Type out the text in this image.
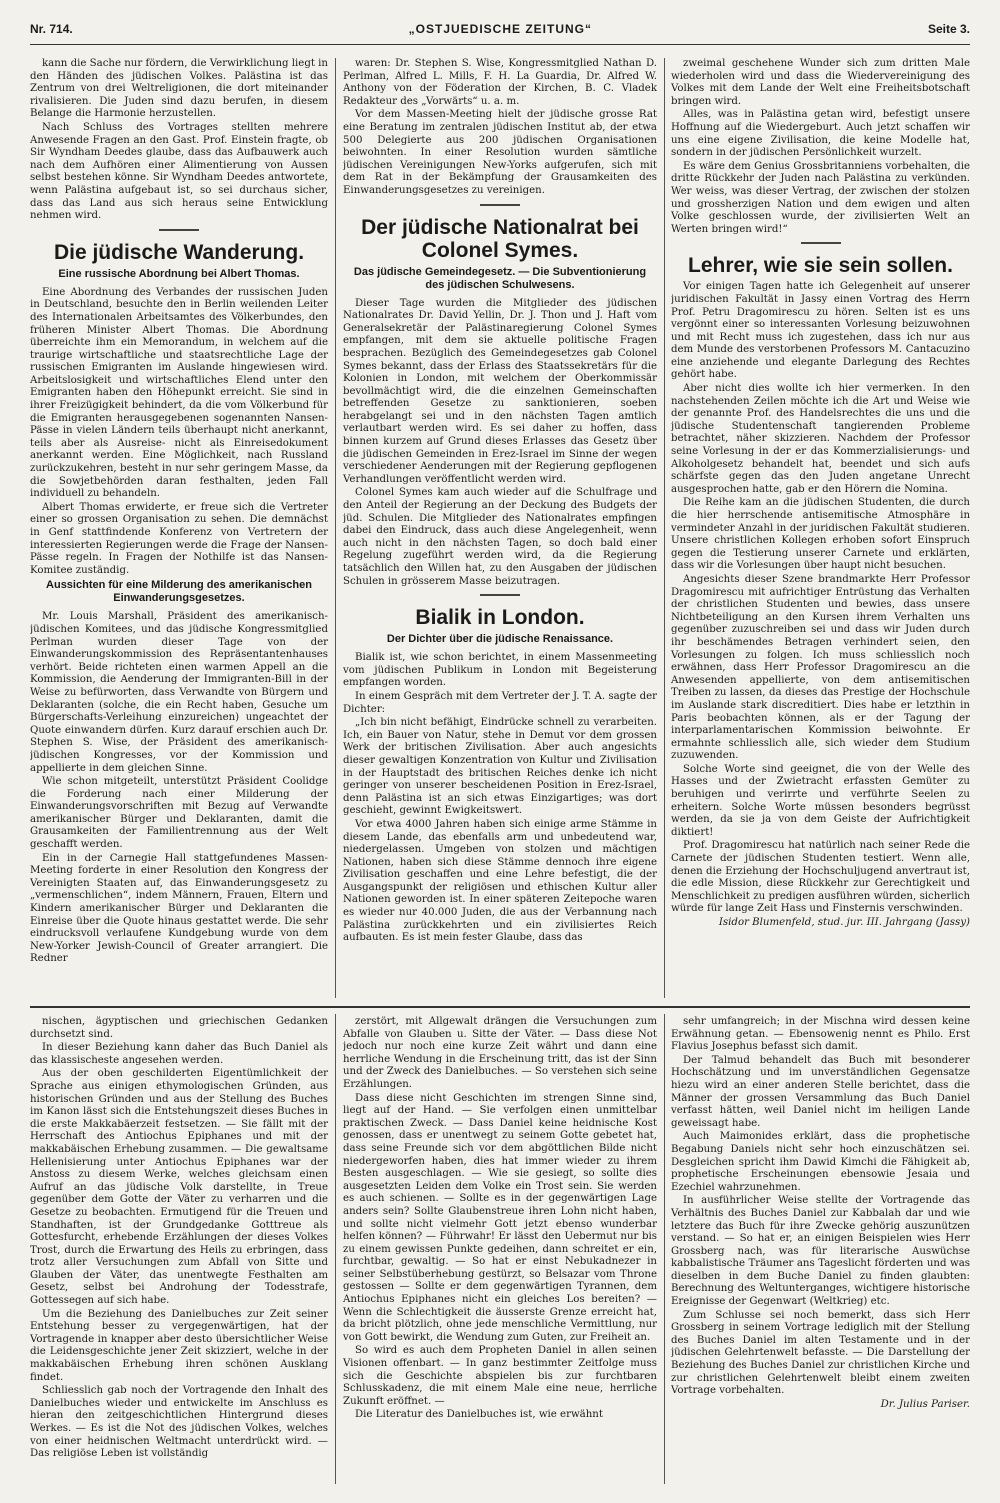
Nr. 714.	„OSTJUEDISCHE ZEITUNG“	Seite 3.

kann die Sache nur fördern, die Verwirklichung liegt in den Händen des jüdischen Volkes. Palästina ist das Zentrum von drei Weltreligionen, die dort miteinander rivalisieren. Die Juden sind dazu berufen, in diesem Belange die Harmonie herzustellen.

Nach Schluss des Vortrages stellten mehrere Anwesende Fragen an den Gast. Prof. Einstein fragte, ob Sir Wyndham Deedes glaube, dass das Aufbauwerk auch nach dem Aufhören einer Alimentierung von Aussen selbst bestehen könne. Sir Wyndham Deedes antwortete, wenn Palästina aufgebaut ist, so sei durchaus sicher, dass das Land aus sich heraus seine Entwicklung nehmen wird.

Die jüdische Wanderung.
Eine russische Abordnung bei Albert Thomas.

Eine Abordnung des Verbandes der russischen Juden in Deutschland, besuchte den in Berlin weilenden Leiter des Internationalen Arbeitsamtes des Völkerbundes, den früheren Minister Albert Thomas. Die Abordnung überreichte ihm ein Memorandum, in welchem auf die traurige wirtschaftliche und staatsrechtliche Lage der russischen Emigranten im Auslande hingewiesen wird. Arbeitslosigkeit und wirtschaftliches Elend unter den Emigranten haben den Höhepunkt erreicht. Sie sind in ihrer Freizügigkeit behindert, da die vom Völkerbund für die Emigranten herausgegebenen sogenannten Nansen-Pässe in vielen Ländern teils überhaupt nicht anerkannt, teils aber als Ausreise- nicht als Einreisedokument anerkannt werden. Eine Möglichkeit, nach Russland zurückzukehren, besteht in nur sehr geringem Masse, da die Sowjetbehörden daran festhalten, jeden Fall individuell zu behandeln.

Albert Thomas erwiderte, er freue sich die Vertreter einer so grossen Organisation zu sehen. Die demnächst in Genf stattfindende Konferenz von Vertretern der interessierten Regierungen werde die Frage der Nansen-Pässe regeln. In Fragen der Nothilfe ist das Nansen-Komitee zuständig.

Aussichten für eine Milderung des amerikanischen Einwanderungsgesetzes.

Mr. Louis Marshall, Präsident des amerikanisch-jüdischen Komitees, und das jüdische Kongressmitglied Perlman wurden dieser Tage von der Einwanderungskommission des Repräsentantenhauses verhört. Beide richteten einen warmen Appell an die Kommission, die Aenderung der Immigranten-Bill in der Weise zu befürworten, dass Verwandte von Bürgern und Deklaranten (solche, die ein Recht haben, Gesuche um Bürgerschafts-Verleihung einzureichen) ungeachtet der Quote einwandern dürfen. Kurz darauf erschien auch Dr. Stephen S. Wise, der Präsident des amerikanisch-jüdischen Kongresses, vor der Kommission und appellierte in dem gleichen Sinne.

Wie schon mitgeteilt, unterstützt Präsident Coolidge die Forderung nach einer Milderung der Einwanderungsvorschriften mit Bezug auf Verwandte amerikanischer Bürger und Deklaranten, damit die Grausamkeiten der Familientrennung aus der Welt geschafft werden.

Ein in der Carnegie Hall stattgefundenes Massen-Meeting forderte in einer Resolution den Kongress der Vereinigten Staaten auf, das Einwanderungsgesetz zu „vermenschlichen“, indem Männern, Frauen, Eltern und Kindern amerikanischer Bürger und Deklaranten die Einreise über die Quote hinaus gestattet werde. Die sehr eindrucksvoll verlaufene Kundgebung wurde von dem New-Yorker Jewish-Council of Greater arrangiert. Die Redner

waren: Dr. Stephen S. Wise, Kongressmitglied Nathan D. Perlman, Alfred L. Mills, F. H. La Guardia, Dr. Alfred W. Anthony von der Föderation der Kirchen, B. C. Vladek Redakteur des „Vorwärts“ u. a. m.

Vor dem Massen-Meeting hielt der jüdische grosse Rat eine Beratung im zentralen jüdischen Institut ab, der etwa 500 Delegierte aus 200 jüdischen Organisationen beiwohnten. In einer Resolution wurden sämtliche jüdischen Vereinigungen New-Yorks aufgerufen, sich mit dem Rat in der Bekämpfung der Grausamkeiten des Einwanderungsgesetzes zu vereinigen.

Der jüdische Nationalrat bei Colonel Symes.
Das jüdische Gemeindegesetz. — Die Subventionierung des jüdischen Schulwesens.

Dieser Tage wurden die Mitglieder des jüdischen Nationalrates Dr. David Yellin, Dr. J. Thon und J. Haft vom Generalsekretär der Palästinaregierung Colonel Symes empfangen, mit dem sie aktuelle politische Fragen besprachen. Bezüglich des Gemeindegesetzes gab Colonel Symes bekannt, dass der Erlass des Staatssekretärs für die Kolonien in London, mit welchem der Oberkommissär bevollmächtigt wird, die die einzelnen Gemeinschaften betreffenden Gesetze zu sanktionieren, soeben herabgelangt sei und in den nächsten Tagen amtlich verlautbart werden wird. Es sei daher zu hoffen, dass binnen kurzem auf Grund dieses Erlasses das Gesetz über die jüdischen Gemeinden in Erez-Israel im Sinne der wegen verschiedener Aenderungen mit der Regierung gepflogenen Verhandlungen veröffentlicht werden wird.

Colonel Symes kam auch wieder auf die Schulfrage und den Anteil der Regierung an der Deckung des Budgets der jüd. Schulen. Die Mitglieder des Nationalrates empfingen dabei den Eindruck, dass auch diese Angelegenheit, wenn auch nicht in den nächsten Tagen, so doch bald einer Regelung zugeführt werden wird, da die Regierung tatsächlich den Willen hat, zu den Ausgaben der jüdischen Schulen in grösserem Masse beizutragen.

Bialik in London.
Der Dichter über die jüdische Renaissance.

Bialik ist, wie schon berichtet, in einem Massenmeeting vom jüdischen Publikum in London mit Begeisterung empfangen worden.

In einem Gespräch mit dem Vertreter der J. T. A. sagte der Dichter:

„Ich bin nicht befähigt, Eindrücke schnell zu verarbeiten. Ich, ein Bauer von Natur, stehe in Demut vor dem grossen Werk der britischen Zivilisation. Aber auch angesichts dieser gewaltigen Konzentration von Kultur und Zivilisation in der Hauptstadt des britischen Reiches denke ich nicht geringer von unserer bescheidenen Position in Erez-Israel, denn Palästina ist an sich etwas Einzigartiges; was dort geschieht, gewinnt Ewigkeitswert.

Vor etwa 4000 Jahren haben sich einige arme Stämme in diesem Lande, das ebenfalls arm und unbedeutend war, niedergelassen. Umgeben von stolzen und mächtigen Nationen, haben sich diese Stämme dennoch ihre eigene Zivilisation geschaffen und eine Lehre befestigt, die der Ausgangspunkt der religiösen und ethischen Kultur aller Nationen geworden ist. In einer späteren Zeitepoche waren es wieder nur 40.000 Juden, die aus der Verbannung nach Palästina zurückkehrten und ein zivilisiertes Reich aufbauten. Es ist mein fester Glaube, dass das

zweimal geschehene Wunder sich zum dritten Male wiederholen wird und dass die Wiedervereinigung des Volkes mit dem Lande der Welt eine Freiheitsbotschaft bringen wird.

Alles, was in Palästina getan wird, befestigt unsere Hoffnung auf die Wiedergeburt. Auch jetzt schaffen wir uns eine eigene Zivilisation, die keine Modelle hat, sondern in der jüdischen Persönlichkeit wurzelt.

Es wäre dem Genius Grossbritanniens vorbehalten, die dritte Rückkehr der Juden nach Palästina zu verkünden. Wer weiss, was dieser Vertrag, der zwischen der stolzen und grossherzigen Nation und dem ewigen und alten Volke geschlossen wurde, der zivilisierten Welt an Werten bringen wird!“

Lehrer, wie sie sein sollen.

Vor einigen Tagen hatte ich Gelegenheit auf unserer juridischen Fakultät in Jassy einen Vortrag des Herrn Prof. Petru Dragomirescu zu hören. Selten ist es uns vergönnt einer so interessanten Vorlesung beizuwohnen und mit Recht muss ich zugestehen, dass ich nur aus dem Munde des verstorbenen Professors M. Cantacuzino eine anziehende und elegante Darlegung des Rechtes gehört habe.

Aber nicht dies wollte ich hier vermerken. In den nachstehenden Zeilen möchte ich die Art und Weise wie der genannte Prof. des Handelsrechtes die uns und die jüdische Studentenschaft tangierenden Probleme betrachtet, näher skizzieren. Nachdem der Professor seine Vorlesung in der er das Kommerzialisierungs- und Alkoholgesetz behandelt hat, beendet und sich aufs schärfste gegen das den Juden angetane Unrecht ausgesprochen hatte, gab er den Hörern die Nomina.

Die Reihe kam an die jüdischen Studenten, die durch die hier herrschende antisemitische Atmosphäre in vermindeter Anzahl in der juridischen Fakultät studieren. Unsere christlichen Kollegen erhoben sofort Einspruch gegen die Testierung unserer Carnete und erklärten, dass wir die Vorlesungen über haupt nicht besuchen.

Angesichts dieser Szene brandmarkte Herr Professor Dragomirescu mit aufrichtiger Entrüstung das Verhalten der christlichen Studenten und bewies, dass unsere Nichtbeteiligung an den Kursen ihrem Verhalten uns gegenüber zuzuschreiben sei und dass wir Juden durch ihr beschämendes Betragen verhindert seien, den Vorlesungen zu folgen. Ich muss schliesslich noch erwähnen, dass Herr Professor Dragomirescu an die Anwesenden appellierte, von dem antisemitischen Treiben zu lassen, da dieses das Prestige der Hochschule im Auslande stark discreditiert. Dies habe er letzthin in Paris beobachten können, als er der Tagung der interparlamentarischen Kommission beiwohnte. Er ermahnte schliesslich alle, sich wieder dem Studium zuzuwenden.

Solche Worte sind geeignet, die von der Welle des Hasses und der Zwietracht erfassten Gemüter zu beruhigen und verirrte und verführte Seelen zu erheitern. Solche Worte müssen besonders begrüsst werden, da sie ja von dem Geiste der Aufrichtigkeit diktiert!

Prof. Dragomirescu hat natürlich nach seiner Rede die Carnete der jüdischen Studenten testiert. Wenn alle, denen die Erziehung der Hochschuljugend anvertraut ist, die edle Mission, diese Rückkehr zur Gerechtigkeit und Menschlichkeit zu predigen ausführen würden, sicherlich würde für lange Zeit Hass und Finsternis verschwinden.

Isidor Blumenfeld, stud. jur. III. Jahrgang (Jassy)

nischen, ägyptischen und griechischen Gedanken durchsetzt sind.

In dieser Beziehung kann daher das Buch Daniel als das klassischeste angesehen werden.

Aus der oben geschilderten Eigentümlichkeit der Sprache aus einigen ethymologischen Gründen, aus historischen Gründen und aus der Stellung des Buches im Kanon lässt sich die Entstehungszeit dieses Buches in die erste Makkabäerzeit festsetzen. — Sie fällt mit der Herrschaft des Antiochus Epiphanes und mit der makkabäischen Erhebung zusammen. — Die gewaltsame Hellenisierung unter Antiochus Epiphanes war der Anstoss zu diesem Werke, welches gleichsam einen Aufruf an das jüdische Volk darstellte, in Treue gegenüber dem Gotte der Väter zu verharren und die Gesetze zu beobachten. Ermutigend für die Treuen und Standhaften, ist der Grundgedanke Gotttreue als Gottesfurcht, erhebende Erzählungen der dieses Volkes Trost, durch die Erwartung des Heils zu erbringen, dass trotz aller Versuchungen zum Abfall von Sitte und Glauben der Väter, das unentwegte Festhalten am Gesetz, selbst bei Androhung der Todesstrafe, Gottessegen auf sich habe.

Um die Beziehung des Danielbuches zur Zeit seiner Entstehung besser zu vergegenwärtigen, hat der Vortragende in knapper aber desto übersichtlicher Weise die Leidensgeschichte jener Zeit skizziert, welche in der makkabäischen Erhebung ihren schönen Ausklang findet.

Schliesslich gab noch der Vortragende den Inhalt des Danielbuches wieder und entwickelte im Anschluss es hieran den zeitgeschichtlichen Hintergrund dieses Werkes. — Es ist die Not des jüdischen Volkes, welches von einer heidnischen Weltmacht unterdrückt wird. — Das religiöse Leben ist vollständig

zerstört, mit Allgewalt drängen die Versuchungen zum Abfalle von Glauben u. Sitte der Väter. — Dass diese Not jedoch nur noch eine kurze Zeit währt und dann eine herrliche Wendung in die Erscheinung tritt, das ist der Sinn und der Zweck des Danielbuches. — So verstehen sich seine Erzählungen.

Dass diese nicht Geschichten im strengen Sinne sind, liegt auf der Hand. — Sie verfolgen einen unmittelbar praktischen Zweck. — Dass Daniel keine heidnische Kost genossen, dass er unentwegt zu seinem Gotte gebetet hat, dass seine Freunde sich vor dem abgöttlichen Bilde nicht niedergeworfen haben, dies hat immer wieder zu ihrem Besten ausgeschlagen. — Wie sie gesiegt, so sollte dies ausgesetzten Leiden dem Volke ein Trost sein. Sie werden es auch schienen. — Sollte es in der gegenwärtigen Lage anders sein? Sollte Glaubenstreue ihren Lohn nicht haben, und sollte nicht vielmehr Gott jetzt ebenso wunderbar helfen können? — Führwahr! Er lässt den Uebermut nur bis zu einem gewissen Punkte gedeihen, dann schreitet er ein, furchtbar, gewaltig. — So hat er einst Nebukadnezer in seiner Selbstüberhebung gestürzt, so Belsazar vom Throne gestossen — Sollte er dem gegenwärtigen Tyrannen, dem Antiochus Epiphanes nicht ein gleiches Los bereiten? — Wenn die Schlechtigkeit die äusserste Grenze erreicht hat, da bricht plötzlich, ohne jede menschliche Vermittlung, nur von Gott bewirkt, die Wendung zum Guten, zur Freiheit an.

So wird es auch dem Propheten Daniel in allen seinen Visionen offenbart. — In ganz bestimmter Zeitfolge muss sich die Geschichte abspielen bis zur furchtbaren Schlusskadenz, die mit einem Male eine neue, herrliche Zukunft eröffnet. —

Die Literatur des Danielbuches ist, wie erwähnt

sehr umfangreich; in der Mischna wird dessen keine Erwähnung getan. — Ebensowenig nennt es Philo. Erst Flavius Josephus befasst sich damit.

Der Talmud behandelt das Buch mit besonderer Hochschätzung und im unverständlichen Gegensatze hiezu wird an einer anderen Stelle berichtet, dass die Männer der grossen Versammlung das Buch Daniel verfasst hätten, weil Daniel nicht im heiligen Lande geweissagt habe.

Auch Maimonides erklärt, dass die prophetische Begabung Daniels nicht sehr hoch einzuschätzen sei. Desgleichen spricht ihm Dawid Kimchi die Fähigkeit ab, prophetische Erscheinungen ebensowie Jesaia und Ezechiel wahrzunehmen.

In ausführlicher Weise stellte der Vortragende das Verhältnis des Buches Daniel zur Kabbalah dar und wie letztere das Buch für ihre Zwecke gehörig auszunützen verstand. — So hat er, an einigen Beispielen wies Herr Grossberg nach, was für literarische Auswüchse kabbalistische Träumer ans Tageslicht förderten und was dieselben in dem Buche Daniel zu finden glaubten: Berechnung des Weltunterganges, wichtigere historische Ereignisse der Gegenwart (Weltkrieg) etc.

Zum Schlusse sei noch bemerkt, dass sich Herr Grossberg in seinem Vortrage lediglich mit der Stellung des Buches Daniel im alten Testamente und in der jüdischen Gelehrtenwelt befasste. — Die Darstellung der Beziehung des Buches Daniel zur christlichen Kirche und zur christlichen Gelehrtenwelt bleibt einem zweiten Vortrage vorbehalten.

Dr. Julius Pariser.
